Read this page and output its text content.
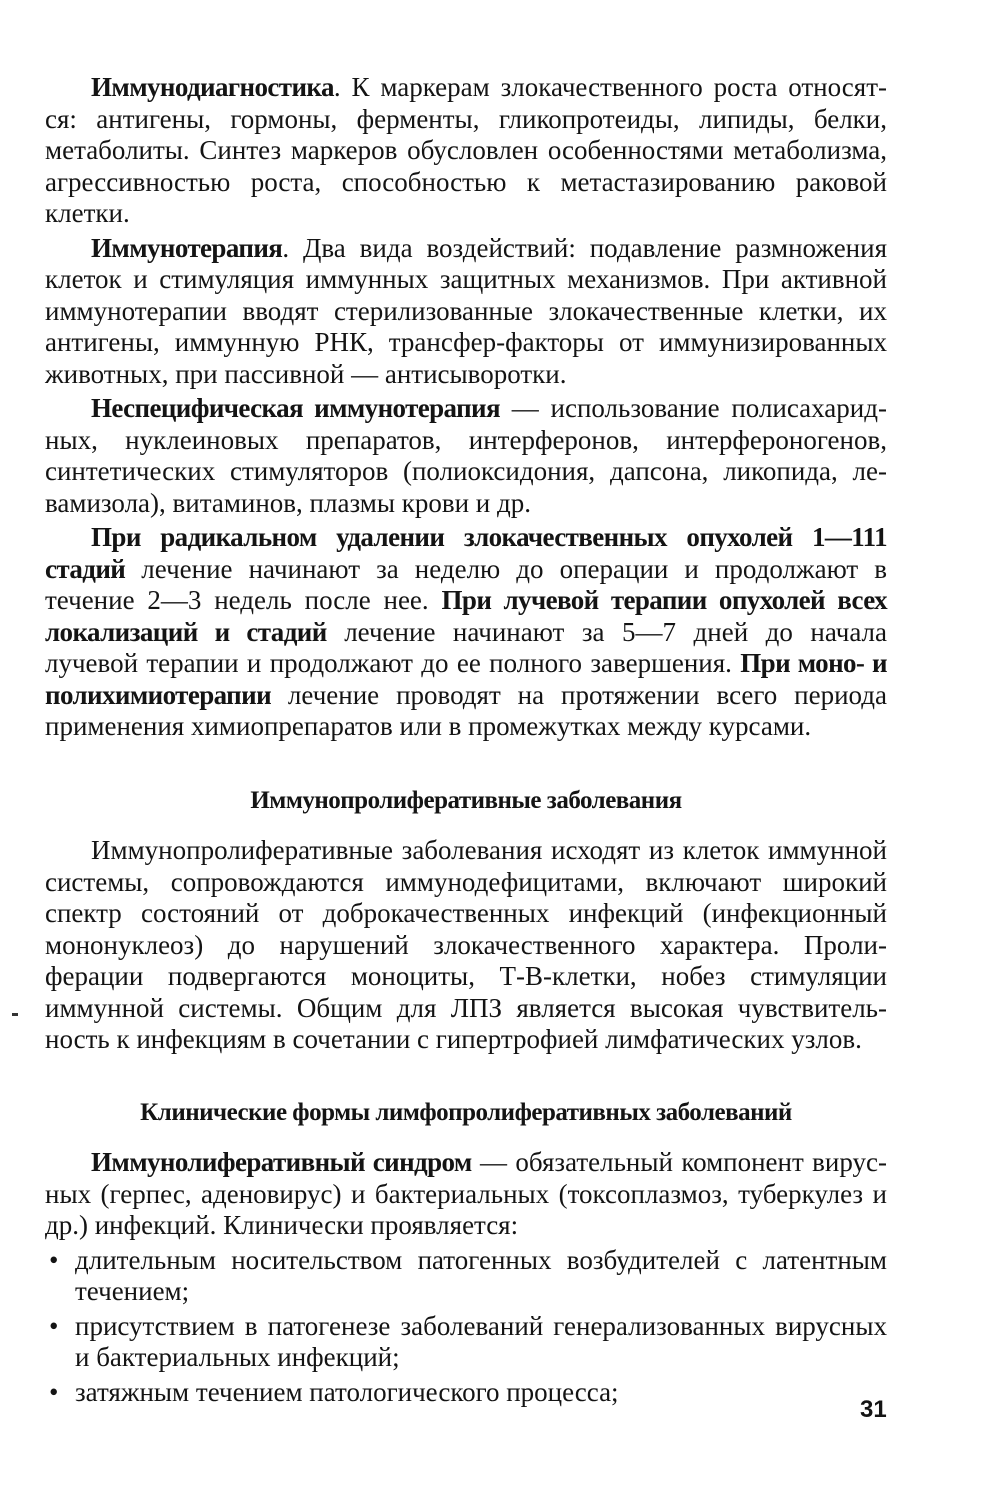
Иммунодиагностика. К маркерам злокачественного роста относятся: антигены, гормоны, ферменты, гликопротеиды, липиды, белки, метаболиты. Синтез маркеров обусловлен особенностями метаболизма, агрессивностью роста, способностью к метастазированию раковой клетки.

Иммунотерапия. Два вида воздействий: подавление размножения клеток и стимуляция иммунных защитных механизмов. При активной иммунотерапии вводят стерилизованные злокачественные клетки, их антигены, иммунную РНК, трансфер-факторы от иммунизированных животных, при пассивной — антисыворотки.

Неспецифическая иммунотерапия — использование полисахаридных, нуклеиновых препаратов, интерферонов, интерфероногенов, синтетических стимуляторов (полиоксидония, дапсона, ликопида, левамизола), витаминов, плазмы крови и др.

При радикальном удалении злокачественных опухолей 1—111 стадий лечение начинают за неделю до операции и продолжают в течение 2—3 недель после нее. При лучевой терапии опухолей всех локализаций и стадий лечение начинают за 5—7 дней до начала лучевой терапии и продолжают до ее полного завершения. При моно- и полихимиотерапии лечение проводят на протяжении всего периода применения химиопрепаратов или в промежутках между курсами.

Иммунопролиферативные заболевания

Иммунопролиферативные заболевания исходят из клеток иммунной системы, сопровождаются иммунодефицитами, включают широкий спектр состояний от доброкачественных инфекций (инфекционный мононуклеоз) до нарушений злокачественного характера. Пролиферации подвергаются моноциты, Т-В-клетки, нобез стимуляции иммунной системы. Общим для ЛПЗ является высокая чувствительность к инфекциям в сочетании с гипертрофией лимфатических узлов.

Клинические формы лимфопролиферативных заболеваний

Иммунолиферативный синдром — обязательный компонент вирусных (герпес, аденовирус) и бактериальных (токсоплазмоз, туберкулез и др.) инфекций. Клинически проявляется:

• длительным носительством патогенных возбудителей с латентным течением;
• присутствием в патогенезе заболеваний генерализованных вирусных и бактериальных инфекций;
• затяжным течением патологического процесса;
31
